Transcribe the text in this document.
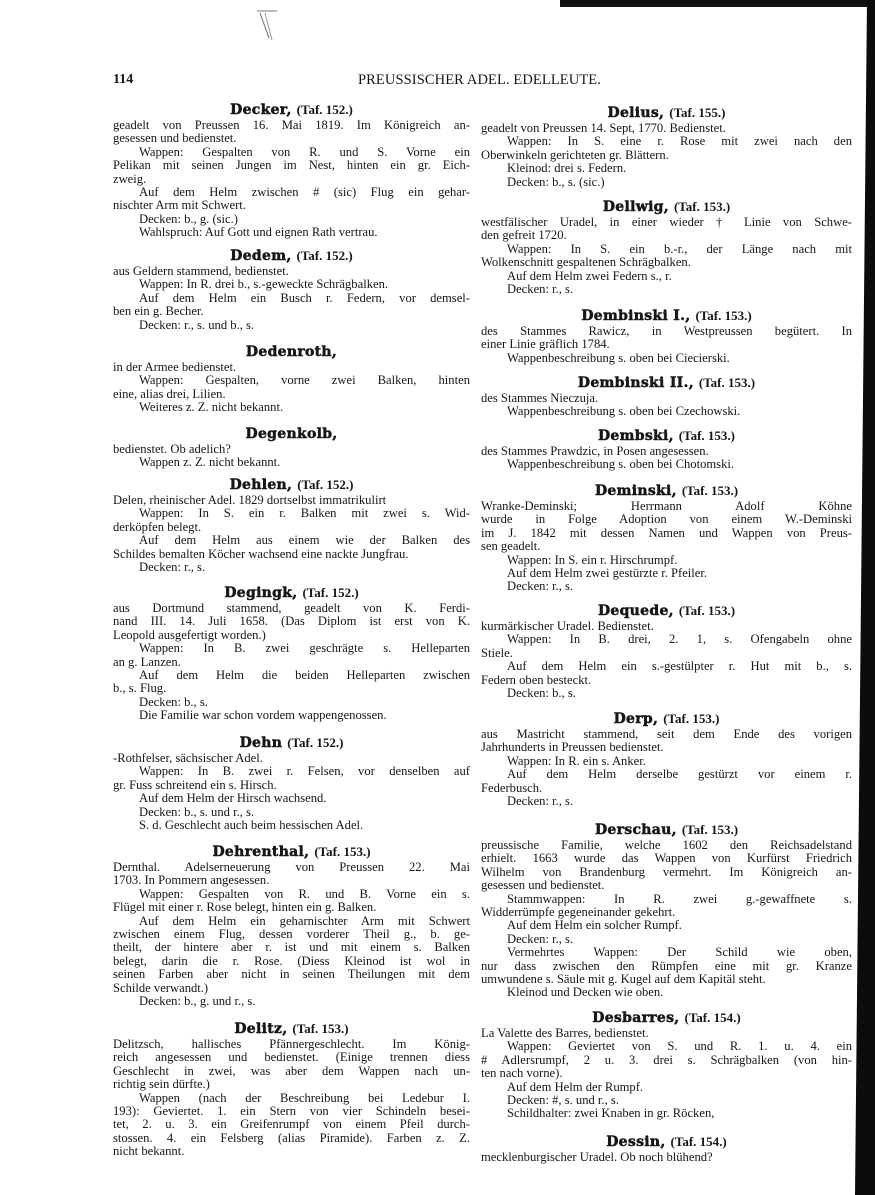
114	PREUSSISCHER ADEL. EDELLEUTE.
Decker, (Taf. 152.)
geadelt von Preussen 16. Mai 1819. Im Königreich an-
gesessen und bedienstet.
Wappen: Gespalten von R. und S. Vorne ein
Pelikan mit seinen Jungen im Nest, hinten ein gr. Eich-
zweig.
Auf dem Helm zwischen # (sic) Flug ein gehar-
nischter Arm mit Schwert.
Decken: b., g. (sic.)
Wahlspruch: Auf Gott und eignen Rath vertrau.
Dedem, (Taf. 152.)
aus Geldern stammend, bedienstet.
Wappen: In R. drei b., s.-geweckte Schrägbalken.
Auf dem Helm ein Busch r. Federn, vor demsel-
ben ein g. Becher.
Decken: r., s. und b., s.
Dedenroth,
in der Armee bedienstet.
Wappen: Gespalten, vorne zwei Balken, hinten
eine, alias drei, Lilien.
Weiteres z. Z. nicht bekannt.
Degenkolb,
bedienstet. Ob adelich?
Wappen z. Z. nicht bekannt.
Dehlen, (Taf. 152.)
Delen, rheinischer Adel. 1829 dortselbst immatrikulirt
Wappen: In S. ein r. Balken mit zwei s. Wid-
derköpfen belegt.
Auf dem Helm aus einem wie der Balken des
Schildes bemalten Köcher wachsend eine nackte Jungfrau.
Decken: r., s.
Degingk, (Taf. 152.)
aus Dortmund stammend, geadelt von K. Ferdi-
nand III. 14. Juli 1658. (Das Diplom ist erst von K.
Leopold ausgefertigt worden.)
Wappen: In B. zwei geschrägte s. Helleparten
an g. Lanzen.
Auf dem Helm die beiden Helleparten zwischen
b., s. Flug.
Decken: b., s.
Die Familie war schon vordem wappengenossen.
Dehn (Taf. 152.)
-Rothfelser, sächsischer Adel.
Wappen: In B. zwei r. Felsen, vor denselben auf
gr. Fuss schreitend ein s. Hirsch.
Auf dem Helm der Hirsch wachsend.
Decken: b., s. und r., s.
S. d. Geschlecht auch beim hessischen Adel.
Dehrenthal, (Taf. 153.)
Dernthal. Adelserneuerung von Preussen 22. Mai
1703. In Pommern angesessen.
Wappen: Gespalten von R. und B. Vorne ein s.
Flügel mit einer r. Rose belegt, hinten ein g. Balken.
Auf dem Helm ein geharnischter Arm mit Schwert
zwischen einem Flug, dessen vorderer Theil g., b. ge-
theilt, der hintere aber r. ist und mit einem s. Balken
belegt, darin die r. Rose. (Diess Kleinod ist wol in
seinen Farben aber nicht in seinen Theilungen mit dem
Schilde verwandt.)
Decken: b., g. und r., s.
Delitz, (Taf. 153.)
Delitzsch, hallisches Pfännergeschlecht. Im König-
reich angesessen und bedienstet. (Einige trennen diess
Geschlecht in zwei, was aber dem Wappen nach un-
richtig sein dürfte.)
Wappen (nach der Beschreibung bei Ledebur I.
193): Geviertet. 1. ein Stern von vier Schindeln besei-
tet, 2. u. 3. ein Greifenrumpf von einem Pfeil durch-
stossen. 4. ein Felsberg (alias Piramide). Farben z. Z.
nicht bekannt.
Delius, (Taf. 155.)
geadelt von Preussen 14. Sept, 1770. Bedienstet.
Wappen: In S. eine r. Rose mit zwei nach den
Oberwinkeln gerichteten gr. Blättern.
Kleinod: drei s. Federn.
Decken: b., s. (sic.)
Dellwig, (Taf. 153.)
westfälischer Uradel, in einer wieder † Linie von Schwe-
den gefreit 1720.
Wappen: In S. ein b.-r., der Länge nach mit
Wolkenschnitt gespaltenen Schrägbalken.
Auf dem Helm zwei Federn s., r.
Decken: r., s.
Dembinski I., (Taf. 153.)
des Stammes Rawicz, in Westpreussen begütert. In
einer Linie gräflich 1784.
Wappenbeschreibung s. oben bei Ciecierski.
Dembinski II., (Taf. 153.)
des Stammes Nieczuja.
Wappenbeschreibung s. oben bei Czechowski.
Dembski, (Taf. 153.)
des Stammes Prawdzic, in Posen angesessen.
Wappenbeschreibung s. oben bei Chotomski.
Deminski, (Taf. 153.)
Wranke-Deminski; Herrmann Adolf Köhne
wurde in Folge Adoption von einem W.-Deminski
im J. 1842 mit dessen Namen und Wappen von Preus-
sen geadelt.
Wappen: In S. ein r. Hirschrumpf.
Auf dem Helm zwei gestürzte r. Pfeiler.
Decken: r., s.
Dequede, (Taf. 153.)
kurmärkischer Uradel. Bedienstet.
Wappen: In B. drei, 2. 1, s. Ofengabeln ohne
Stiele.
Auf dem Helm ein s.-gestülpter r. Hut mit b., s.
Federn oben besteckt.
Decken: b., s.
Derp, (Taf. 153.)
aus Mastricht stammend, seit dem Ende des vorigen
Jahrhunderts in Preussen bedienstet.
Wappen: In R. ein s. Anker.
Auf dem Helm derselbe gestürzt vor einem r.
Federbusch.
Decken: r., s.
Derschau, (Taf. 153.)
preussische Familie, welche 1602 den Reichsadelstand
erhielt. 1663 wurde das Wappen von Kurfürst Friedrich
Wilhelm von Brandenburg vermehrt. Im Königreich an-
gesessen und bedienstet.
Stammwappen: In R. zwei g.-gewaffnete s.
Widderrümpfe gegeneinander gekehrt.
Auf dem Helm ein solcher Rumpf.
Decken: r., s.
Vermehrtes Wappen: Der Schild wie oben,
nur dass zwischen den Rümpfen eine mit gr. Kranze
umwundene s. Säule mit g. Kugel auf dem Kapitäl steht.
Kleinod und Decken wie oben.
Desbarres, (Taf. 154.)
La Valette des Barres, bedienstet.
Wappen: Geviertet von S. und R. 1. u. 4. ein
# Adlersrumpf, 2 u. 3. drei s. Schrägbalken (von hin-
ten nach vorne).
Auf dem Helm der Rumpf.
Decken: #, s. und r., s.
Schildhalter: zwei Knaben in gr. Röcken,
Dessin, (Taf. 154.)
mecklenburgischer Uradel. Ob noch blühend?
